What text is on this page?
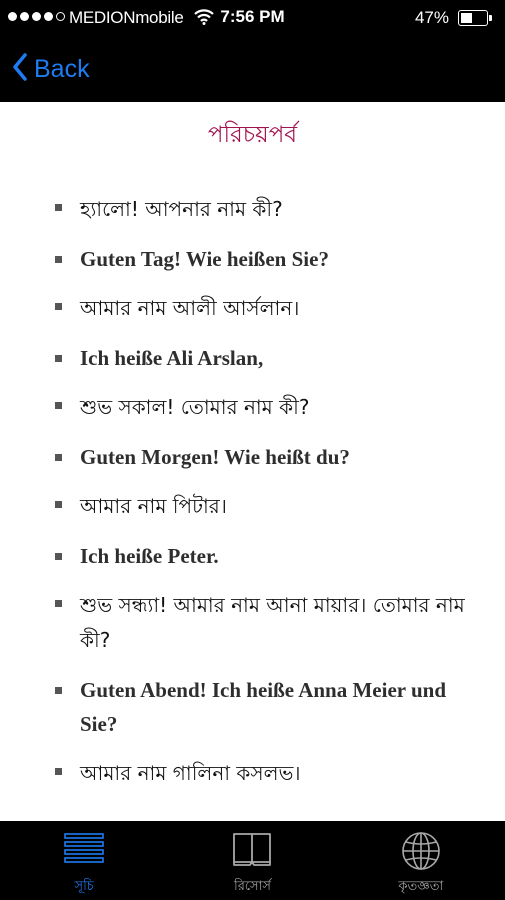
MEDIONmobile	7:56 PM	47%
Back
পরিচয়পর্ব
হ্যালো! আপনার নাম কী?
Guten Tag! Wie heißen Sie?
আমার নাম আলী আর্সলান।
Ich heiße Ali Arslan,
শুভ সকাল! তোমার নাম কী?
Guten Morgen! Wie heißt du?
আমার নাম পিটার।
Ich heiße Peter.
শুভ সন্ধ্যা! আমার নাম আনা মায়ার। তোমার নাম কী?
Guten Abend! Ich heiße Anna Meier und Sie?
আমার নাম গালিনা কসলভ।
সূচি	রিসোর্স	কৃতজ্ঞতা
